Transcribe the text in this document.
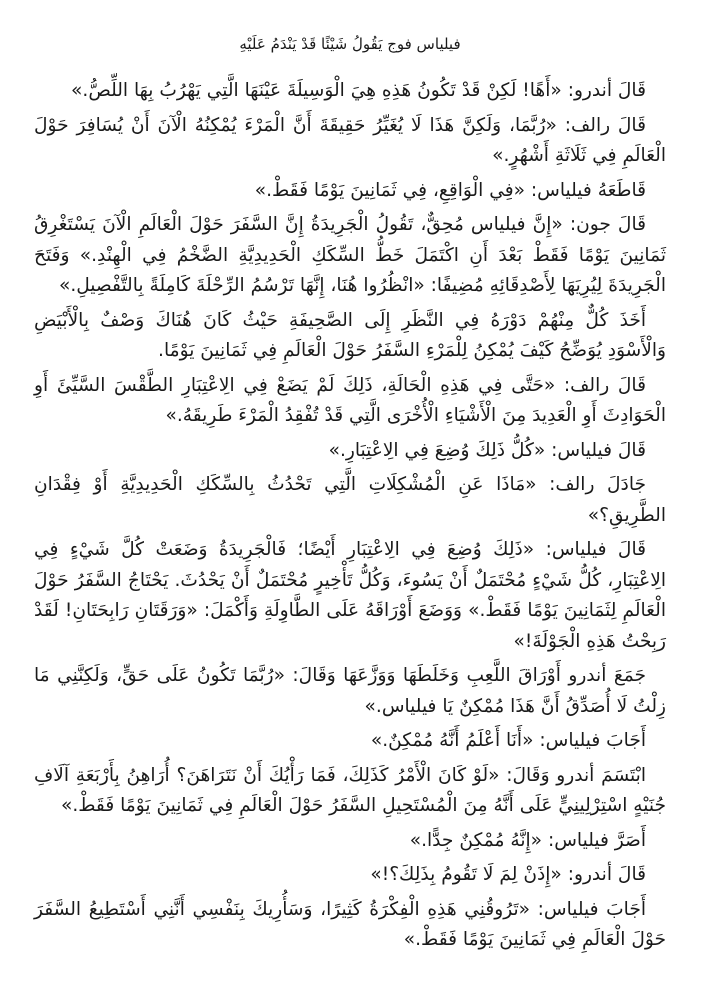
فيلياس فوج يَقُولُ شَيْئًا قَدْ يَنْدَمُ عَلَيْهِ

قَالَ أندرو: «أَهًا! لَكِنْ قَدْ تَكُونُ هَذِهِ هِيَ الْوَسِيلَةَ عَيْنَهَا الَّتِي يَهْرُبُ بِهَا اللِّصُّ.»

قَالَ رالف: «رُبَّمَا، وَلَكِنَّ هَذَا لَا يُغَيِّرُ حَقِيقَةَ أَنَّ الْمَرْءَ يُمْكِنُهُ الْآنَ أَنْ يُسَافِرَ حَوْلَ الْعَالَمِ فِي ثَلَاثَةِ أَشْهُرٍ.»

قَاطَعَهُ فيلياس: «فِي الْوَاقِعِ، فِي ثَمَانِينَ يَوْمًا فَقَطْ.»

قَالَ جون: «إِنَّ فيلياس مُحِقٌّ، تَقُولُ الْجَرِيدَةُ إِنَّ السَّفَرَ حَوْلَ الْعَالَمِ الْآنَ يَسْتَغْرِقُ ثَمَانِينَ يَوْمًا فَقَطْ بَعْدَ أَنِ اكْتَمَلَ خَطُّ السِّكَكِ الْحَدِيدِيَّةِ الضَّخْمُ فِي الْهِنْدِ.» وَفَتَحَ الْجَرِيدَةَ لِيُرِيَهَا لِأَصْدِقَائِهِ مُضِيفًا: «انْظُرُوا هُنَا، إِنَّهَا تَرْسُمُ الرِّحْلَةَ كَامِلَةً بِالتَّفْصِيلِ.»

أَخَذَ كُلٌّ مِنْهُمْ دَوْرَهُ فِي النَّظَرِ إِلَى الصَّحِيفَةِ حَيْثُ كَانَ هُنَاكَ وَصْفٌ بِالْأَبْيَضِ وَالْأَسْوَدِ يُوَضِّحُ كَيْفَ يُمْكِنُ لِلْمَرْءِ السَّفَرُ حَوْلَ الْعَالَمِ فِي ثَمَانِينَ يَوْمًا.

قَالَ رالف: «حَتَّى فِي هَذِهِ الْحَالَةِ، ذَلِكَ لَمْ يَضَعْ فِي الِاعْتِبَارِ الطَّقْسَ السَّيِّئَ أَوِ الْحَوَادِثَ أَوِ الْعَدِيدَ مِنَ الْأَشْيَاءِ الْأُخْرَى الَّتِي قَدْ تُفْقِدُ الْمَرْءَ طَرِيقَهُ.»

قَالَ فيلياس: «كُلُّ ذَلِكَ وُضِعَ فِي الِاعْتِبَارِ.»

جَادَلَ رالف: «مَاذَا عَنِ الْمُشْكِلَاتِ الَّتِي تَحْدُثُ بِالسِّكَكِ الْحَدِيدِيَّةِ أَوْ فِقْدَانِ الطَّرِيقِ؟»

قَالَ فيلياس: «ذَلِكَ وُضِعَ فِي الِاعْتِبَارِ أَيْضًا؛ فَالْجَرِيدَةُ وَضَعَتْ كُلَّ شَيْءٍ فِي الِاعْتِبَارِ، كُلُّ شَيْءٍ مُحْتَمَلٌ أَنْ يَسُوءَ، وَكُلُّ تَأْخِيرٍ مُحْتَمَلٌ أَنْ يَحْدُثَ. يَحْتَاجُ السَّفَرُ حَوْلَ الْعَالَمِ لِثَمَانِينَ يَوْمًا فَقَطْ.» وَوَضَعَ أَوْرَاقَهُ عَلَى الطَّاوِلَةِ وَأَكْمَلَ: «وَرَقَتَانِ رَابِحَتَانِ! لَقَدْ رَبِحْتُ هَذِهِ الْجَوْلَةَ!»

جَمَعَ أندرو أَوْرَاقَ اللَّعِبِ وَخَلَطَهَا وَوَزَّعَهَا وَقَالَ: «رُبَّمَا تَكُونُ عَلَى حَقٍّ، وَلَكِنَّنِي مَا زِلْتُ لَا أُصَدِّقُ أَنَّ هَذَا مُمْكِنٌ يَا فيلياس.»

أَجَابَ فيلياس: «أَنَا أَعْلَمُ أَنَّهُ مُمْكِنٌ.»

ابْتَسَمَ أندرو وَقَالَ: «لَوْ كَانَ الْأَمْرُ كَذَلِكَ، فَمَا رَأْيُكَ أَنْ نَتَرَاهَنَ؟ أُرَاهِنُ بِأَرْبَعَةِ آلَافِ جُنَيْهٍ اسْتِرْلِينِيٍّ عَلَى أَنَّهُ مِنَ الْمُسْتَحِيلِ السَّفَرُ حَوْلَ الْعَالَمِ فِي ثَمَانِينَ يَوْمًا فَقَطْ.»

أَصَرَّ فيلياس: «إِنَّهُ مُمْكِنٌ جِدًّا.»

قَالَ أندرو: «إِذَنْ لِمَ لَا تَقُومُ بِذَلِكَ؟!»

أَجَابَ فيلياس: «تَرُوقُنِي هَذِهِ الْفِكْرَةُ كَثِيرًا، وَسَأُرِيكَ بِنَفْسِي أَنَّنِي أَسْتَطِيعُ السَّفَرَ حَوْلَ الْعَالَمِ فِي ثَمَانِينَ يَوْمًا فَقَطْ.»
